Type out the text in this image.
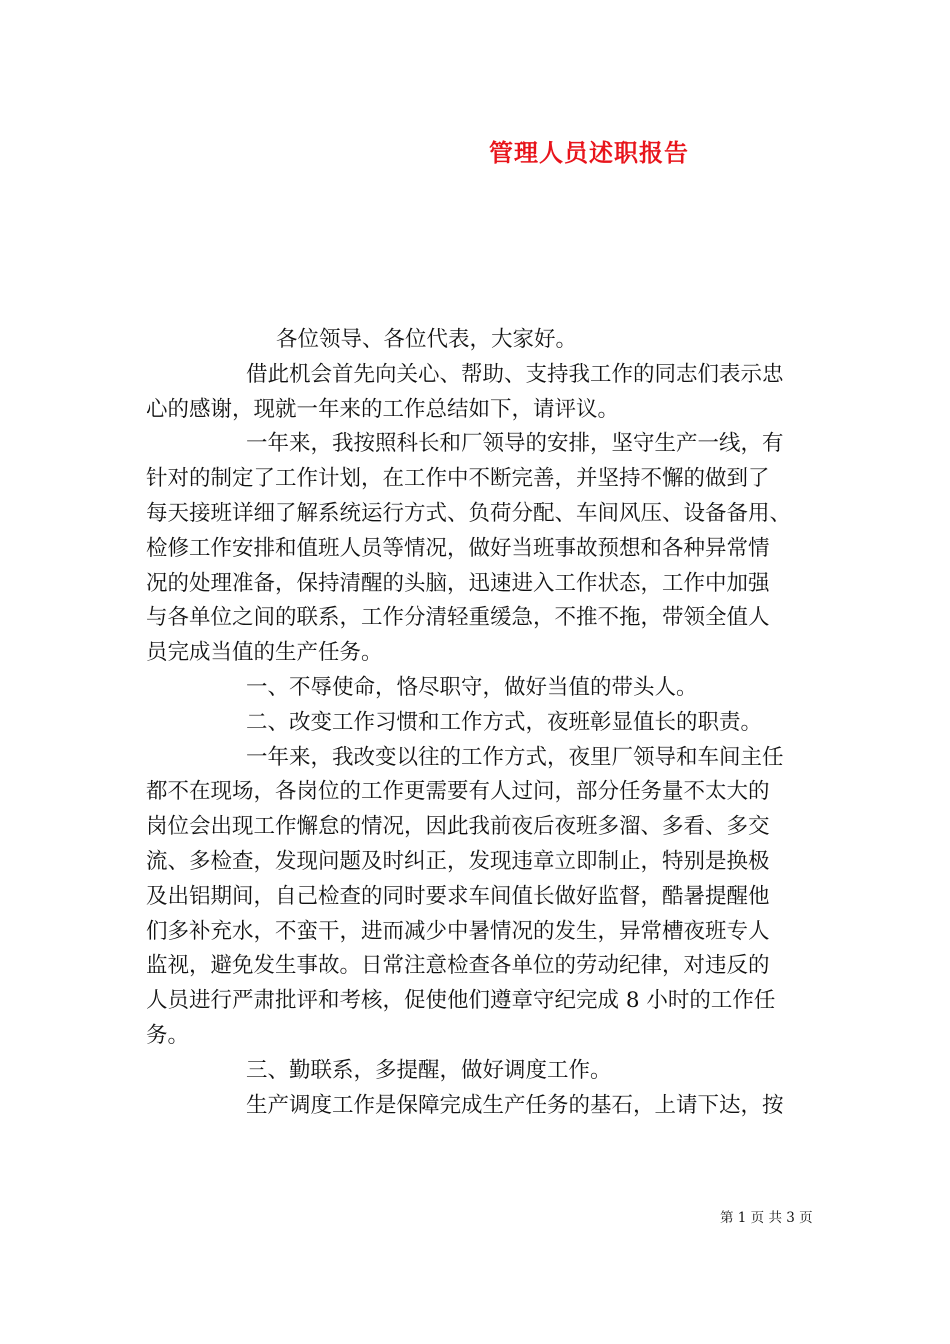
管理人员述职报告

各位领导、各位代表，大家好。

借此机会首先向关心、帮助、支持我工作的同志们表示忠
心的感谢，现就一年来的工作总结如下，请评议。

一年来，我按照科长和厂领导的安排，坚守生产一线，有
针对的制定了工作计划，在工作中不断完善，并坚持不懈的做到了
每天接班详细了解系统运行方式、负荷分配、车间风压、设备备用、
检修工作安排和值班人员等情况，做好当班事故预想和各种异常情
况的处理准备，保持清醒的头脑，迅速进入工作状态，工作中加强
与各单位之间的联系，工作分清轻重缓急，不推不拖，带领全值人
员完成当值的生产任务。

一、不辱使命，恪尽职守，做好当值的带头人。

二、改变工作习惯和工作方式，夜班彰显值长的职责。

一年来，我改变以往的工作方式，夜里厂领导和车间主任
都不在现场，各岗位的工作更需要有人过问，部分任务量不太大的
岗位会出现工作懈怠的情况，因此我前夜后夜班多溜、多看、多交
流、多检查，发现问题及时纠正，发现违章立即制止，特别是换极
及出铝期间，自己检查的同时要求车间值长做好监督，酷暑提醒他
们多补充水，不蛮干，进而减少中暑情况的发生，异常槽夜班专人
监视，避免发生事故。日常注意检查各单位的劳动纪律，对违反的
人员进行严肃批评和考核，促使他们遵章守纪完成 8 小时的工作任
务。

三、勤联系，多提醒，做好调度工作。

生产调度工作是保障完成生产任务的基石，上请下达，按

第 1 页 共 3 页
